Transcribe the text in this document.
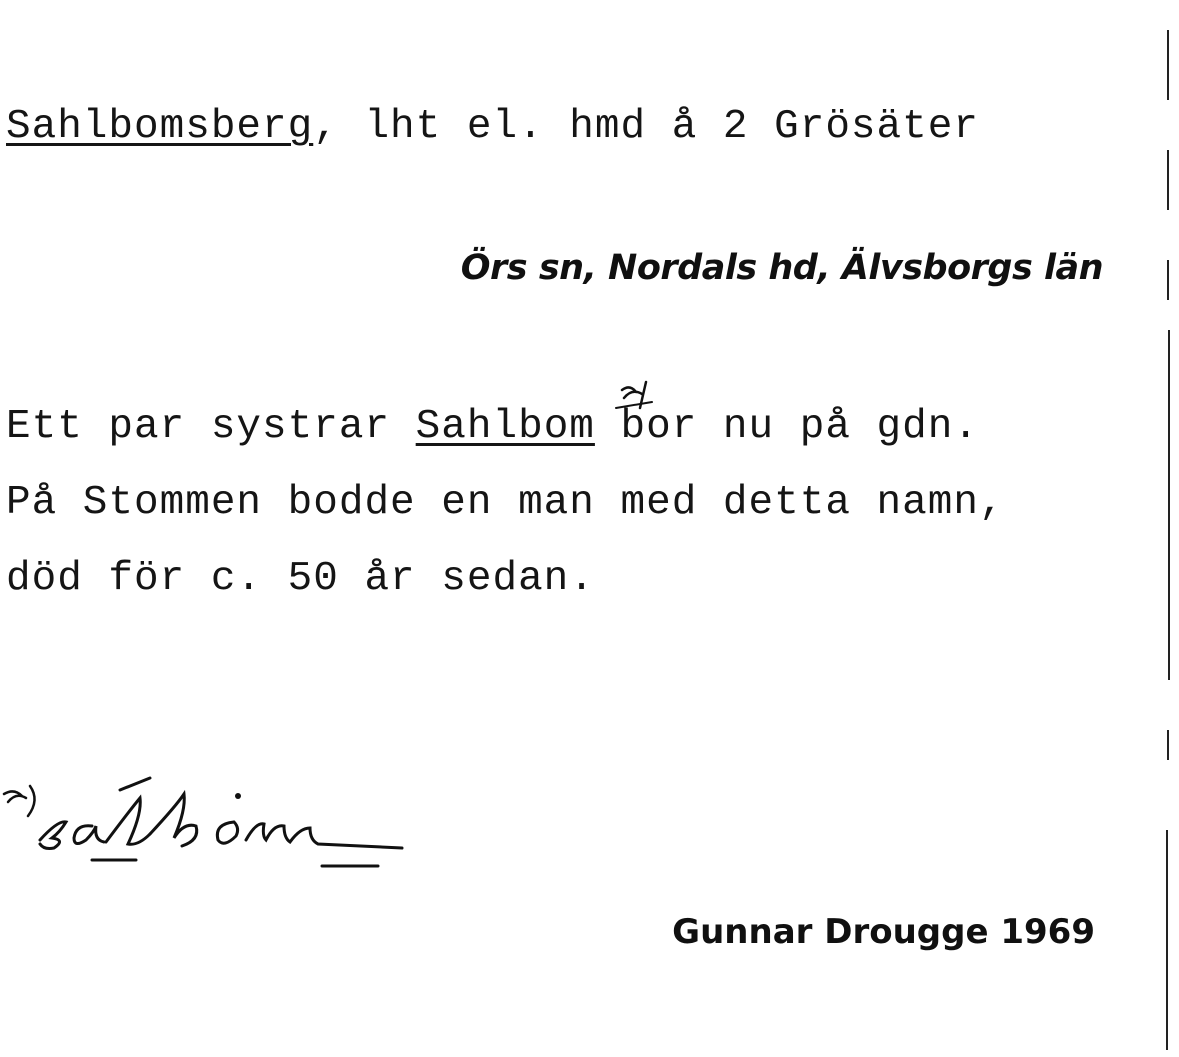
Sahlbomsberg, lht el. hmd å 2 Grösäter
Örs sn, Nordals hd, Älvsborgs län
Ett par systrar Sahlbom bor nu på gdn.
På Stommen bodde en man med detta namn,
död för c. 50 år sedan.
Gunnar Drougge 1969
